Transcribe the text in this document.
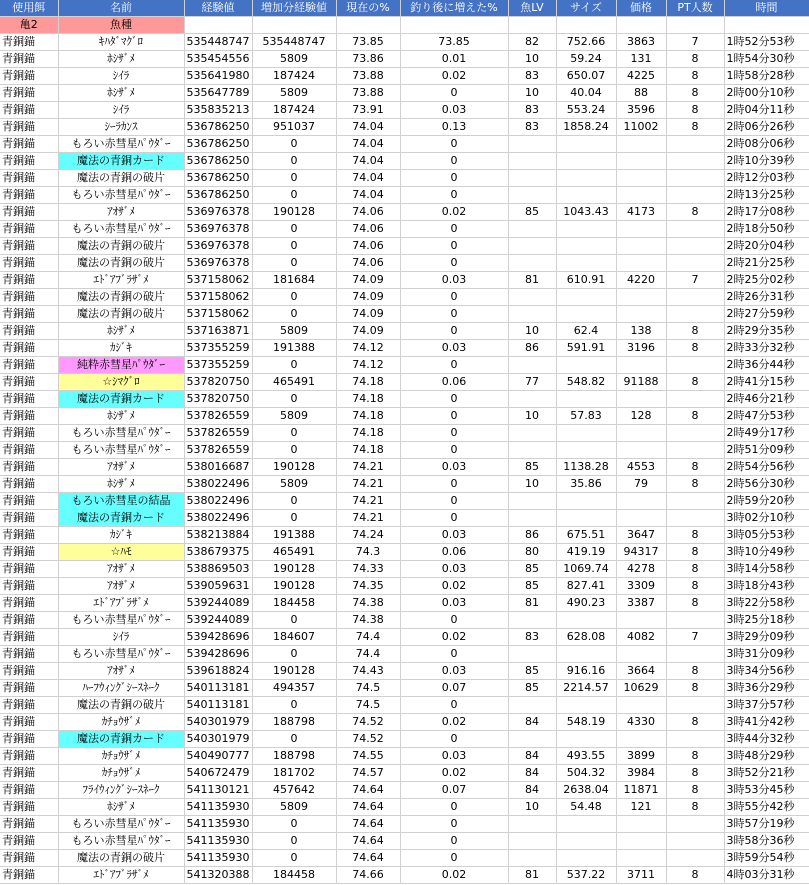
使用餌	名前	経験値	増加分経験値	現在の%	釣り後に増えた%	魚LV	サイズ	価格	PT人数	時間
亀2	魚種									
青銅錨	ｷﾊﾀﾞﾏｸﾞﾛ	535448747	535448747	73.85	73.85	82	752.66	3863	7	1時52分53秒
青銅錨	ﾎｼｻﾞﾒ	535454556	5809	73.86	0.01	10	59.24	131	8	1時54分30秒
青銅錨	ｼｲﾗ	535641980	187424	73.88	0.02	83	650.07	4225	8	1時58分28秒
青銅錨	ﾎｼｻﾞﾒ	535647789	5809	73.88	0	10	40.04	88	8	2時00分10秒
青銅錨	ｼｲﾗ	535835213	187424	73.91	0.03	83	553.24	3596	8	2時04分11秒
青銅錨	ｼｰﾗｶﾝｽ	536786250	951037	74.04	0.13	83	1858.24	11002	8	2時06分26秒
青銅錨	もろい赤彗星ﾊﾟｳﾀﾞｰ	536786250	0	74.04	0					2時08分06秒
青銅錨	魔法の青銅カード	536786250	0	74.04	0					2時10分39秒
青銅錨	魔法の青銅の破片	536786250	0	74.04	0					2時12分03秒
青銅錨	もろい赤彗星ﾊﾟｳﾀﾞｰ	536786250	0	74.04	0					2時13分25秒
青銅錨	ｱｵｻﾞﾒ	536976378	190128	74.06	0.02	85	1043.43	4173	8	2時17分08秒
青銅錨	もろい赤彗星ﾊﾟｳﾀﾞｰ	536976378	0	74.06	0					2時18分50秒
青銅錨	魔法の青銅の破片	536976378	0	74.06	0					2時20分04秒
青銅錨	魔法の青銅の破片	536976378	0	74.06	0					2時21分25秒
青銅錨	ｴﾄﾞｱﾌﾞﾗｻﾞﾒ	537158062	181684	74.09	0.03	81	610.91	4220	7	2時25分02秒
青銅錨	魔法の青銅の破片	537158062	0	74.09	0					2時26分31秒
青銅錨	魔法の青銅の破片	537158062	0	74.09	0					2時27分59秒
青銅錨	ﾎｼｻﾞﾒ	537163871	5809	74.09	0	10	62.4	138	8	2時29分35秒
青銅錨	ｶｼﾞｷ	537355259	191388	74.12	0.03	86	591.91	3196	8	2時33分32秒
青銅錨	純粋赤彗星ﾊﾟｳﾀﾞｰ	537355259	0	74.12	0					2時36分44秒
青銅錨	☆ｼﾏｸﾞﾛ	537820750	465491	74.18	0.06	77	548.82	91188	8	2時41分15秒
青銅錨	魔法の青銅カード	537820750	0	74.18	0					2時46分21秒
青銅錨	ﾎｼｻﾞﾒ	537826559	5809	74.18	0	10	57.83	128	8	2時47分53秒
青銅錨	もろい赤彗星ﾊﾟｳﾀﾞｰ	537826559	0	74.18	0					2時49分17秒
青銅錨	もろい赤彗星ﾊﾟｳﾀﾞｰ	537826559	0	74.18	0					2時51分09秒
青銅錨	ｱｵｻﾞﾒ	538016687	190128	74.21	0.03	85	1138.28	4553	8	2時54分56秒
青銅錨	ﾎｼｻﾞﾒ	538022496	5809	74.21	0	10	35.86	79	8	2時56分30秒
青銅錨	もろい赤彗星の結晶	538022496	0	74.21	0					2時59分20秒
青銅錨	魔法の青銅カード	538022496	0	74.21	0					3時02分10秒
青銅錨	ｶｼﾞｷ	538213884	191388	74.24	0.03	86	675.51	3647	8	3時05分53秒
青銅錨	☆ﾊﾓ	538679375	465491	74.3	0.06	80	419.19	94317	8	3時10分49秒
青銅錨	ｱｵｻﾞﾒ	538869503	190128	74.33	0.03	85	1069.74	4278	8	3時14分58秒
青銅錨	ｱｵｻﾞﾒ	539059631	190128	74.35	0.02	85	827.41	3309	8	3時18分43秒
青銅錨	ｴﾄﾞｱﾌﾞﾗｻﾞﾒ	539244089	184458	74.38	0.03	81	490.23	3387	8	3時22分58秒
青銅錨	もろい赤彗星ﾊﾟｳﾀﾞｰ	539244089	0	74.38	0					3時25分18秒
青銅錨	ｼｲﾗ	539428696	184607	74.4	0.02	83	628.08	4082	7	3時29分09秒
青銅錨	もろい赤彗星ﾊﾟｳﾀﾞｰ	539428696	0	74.4	0					3時31分09秒
青銅錨	ｱｵｻﾞﾒ	539618824	190128	74.43	0.03	85	916.16	3664	8	3時34分56秒
青銅錨	ﾊｰﾌｳｨﾝｸﾞｼｰｽﾈｰｸ	540113181	494357	74.5	0.07	85	2214.57	10629	8	3時36分29秒
青銅錨	魔法の青銅の破片	540113181	0	74.5	0					3時37分57秒
青銅錨	ｶﾁｮｳｻﾞﾒ	540301979	188798	74.52	0.02	84	548.19	4330	8	3時41分42秒
青銅錨	魔法の青銅カード	540301979	0	74.52	0					3時44分32秒
青銅錨	ｶﾁｮｳｻﾞﾒ	540490777	188798	74.55	0.03	84	493.55	3899	8	3時48分29秒
青銅錨	ｶﾁｮｳｻﾞﾒ	540672479	181702	74.57	0.02	84	504.32	3984	8	3時52分21秒
青銅錨	ﾌﾗｲｳｨﾝｸﾞｼｰｽﾈｰｸ	541130121	457642	74.64	0.07	84	2638.04	11871	8	3時53分45秒
青銅錨	ﾎｼｻﾞﾒ	541135930	5809	74.64	0	10	54.48	121	8	3時55分42秒
青銅錨	もろい赤彗星ﾊﾟｳﾀﾞｰ	541135930	0	74.64	0					3時57分19秒
青銅錨	もろい赤彗星ﾊﾟｳﾀﾞｰ	541135930	0	74.64	0					3時58分36秒
青銅錨	魔法の青銅の破片	541135930	0	74.64	0					3時59分54秒
青銅錨	ｴﾄﾞｱﾌﾞﾗｻﾞﾒ	541320388	184458	74.66	0.02	81	537.22	3711	8	4時03分31秒
